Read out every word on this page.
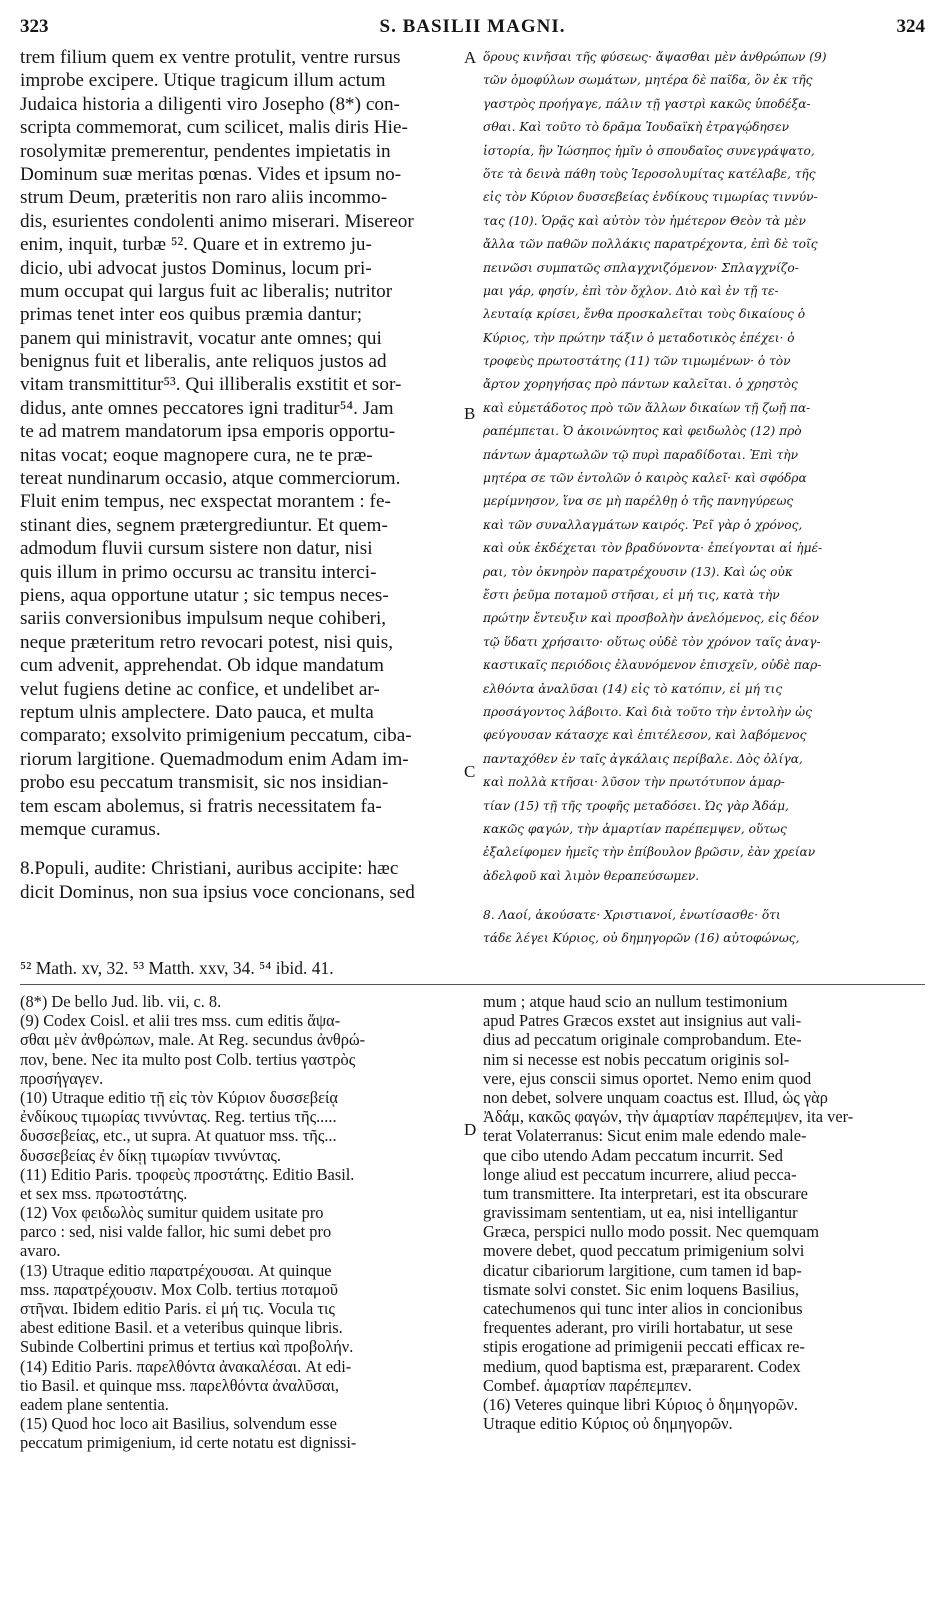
323	S. BASILII MAGNI.	324
A
B
C
D
trem filium quem ex ventre protulit, ventre rursus
improbe excipere. Utique tragicum illum actum
Judaica historia a diligenti viro Josepho (8*) con-
scripta commemorat, cum scilicet, malis diris Hie-
rosolymitæ premerentur, pendentes impietatis in
Dominum suæ meritas pœnas. Vides et ipsum no-
strum Deum, præteritis non raro aliis incommo-
dis, esurientes condolenti animo miserari. Misereor
enim, inquit, turbæ ⁵². Quare et in extremo ju-
dicio, ubi advocat justos Dominus, locum pri-
mum occupat qui largus fuit ac liberalis; nutritor
primas tenet inter eos quibus præmia dantur;
panem qui ministravit, vocatur ante omnes; qui
benignus fuit et liberalis, ante reliquos justos ad
vitam transmittitur⁵³. Qui illiberalis exstitit et sor-
didus, ante omnes peccatores igni traditur⁵⁴. Jam
te ad matrem mandatorum ipsa emporis opportu-
nitas vocat; eoque magnopere cura, ne te præ-
tereat nundinarum occasio, atque commerciorum.
Fluit enim tempus, nec exspectat morantem : fe-
stinant dies, segnem prætergrediuntur. Et quem-
admodum fluvii cursum sistere non datur, nisi
quis illum in primo occursu ac transitu interci-
piens, aqua opportune utatur ; sic tempus neces-
sariis conversionibus impulsum neque cohiberi,
neque præteritum retro revocari potest, nisi quis,
cum advenit, apprehendat. Ob idque mandatum
velut fugiens detine ac confice, et undelibet ar-
reptum ulnis amplectere. Dato pauca, et multa
comparato; exsolvito primigenium peccatum, ciba-
riorum largitione. Quemadmodum enim Adam im-
probo esu peccatum transmisit, sic nos insidian-
tem escam abolemus, si fratris necessitatem fa-
memque curamus.
8.Populi, audite: Christiani, auribus accipite: hæc
dicit Dominus, non sua ipsius voce concionans, sed
ὅρους κινῆσαι τῆς φύσεως· ἄψασθαι μὲν ἀνθρώπων (9)
τῶν ὁμοφύλων σωμάτων, μητέρα δὲ παῖδα, ὃν ἐκ τῆς
γαστρὸς προήγαγε, πάλιν τῇ γαστρὶ κακῶς ὑποδέξα-
σθαι. Καὶ τοῦτο τὸ δρᾶμα Ἰουδαϊκὴ ἐτραγῴδησεν
ἱστορία, ἣν Ἰώσηπος ἡμῖν ὁ σπουδαῖος συνεγράψατο,
ὅτε τὰ δεινὰ πάθη τοὺς Ἱεροσολυμίτας κατέλαβε, τῆς
εἰς τὸν Κύριον δυσσεβείας ἐνδίκους τιμωρίας τιννύν-
τας (10). Ὁρᾷς καὶ αὐτὸν τὸν ἡμέτερον Θεὸν τὰ μὲν
ἄλλα τῶν παθῶν πολλάκις παρατρέχοντα, ἐπὶ δὲ τοῖς
πεινῶσι συμπατῶς σπλαγχνιζόμενον· Σπλαγχνίζο-
μαι γάρ, φησίν, ἐπὶ τὸν ὄχλον. Διὸ καὶ ἐν τῇ τε-
λευταίᾳ κρίσει, ἔνθα προσκαλεῖται τοὺς δικαίους ὁ
Κύριος, τὴν πρώτην τάξιν ὁ μεταδοτικὸς ἐπέχει· ὁ
τροφεὺς πρωτοστάτης (11) τῶν τιμωμένων· ὁ τὸν
ἄρτον χορηγήσας πρὸ πάντων καλεῖται. ὁ χρηστὸς
καὶ εὐμετάδοτος πρὸ τῶν ἄλλων δικαίων τῇ ζωῇ πα-
ραπέμπεται. Ὁ ἀκοινώνητος καὶ φειδωλὸς (12) πρὸ
πάντων ἁμαρτωλῶν τῷ πυρὶ παραδίδοται. Ἐπὶ τὴν
μητέρα σε τῶν ἐντολῶν ὁ καιρὸς καλεῖ· καὶ σφόδρα
μερίμνησον, ἵνα σε μὴ παρέλθῃ ὁ τῆς πανηγύρεως
καὶ τῶν συναλλαγμάτων καιρός. Ῥεῖ γὰρ ὁ χρόνος,
καὶ οὐκ ἐκδέχεται τὸν βραδύνοντα· ἐπείγονται αἱ ἡμέ-
ραι, τὸν ὀκνηρὸν παρατρέχουσιν (13). Καὶ ὡς οὐκ
ἔστι ῥεῦμα ποταμοῦ στῆσαι, εἰ μή τις, κατὰ τὴν
πρώτην ἔντευξιν καὶ προσβολὴν ἀνελόμενος, εἰς δέον
τῷ ὕδατι χρήσαιτο· οὕτως οὐδὲ τὸν χρόνον ταῖς ἀναγ-
καστικαῖς περιόδοις ἐλαυνόμενον ἐπισχεῖν, οὐδὲ παρ-
ελθόντα ἀναλῦσαι (14) εἰς τὸ κατόπιν, εἰ μή τις
προσάγοντος λάβοιτο. Καὶ διὰ τοῦτο τὴν ἐντολὴν ὡς
φεύγουσαν κάτασχε καὶ ἐπιτέλεσον, καὶ λαβόμενος
πανταχόθεν ἐν ταῖς ἀγκάλαις περίβαλε. Δὸς ὀλίγα,
καὶ πολλὰ κτῆσαι· λῦσον τὴν πρωτότυπον ἁμαρ-
τίαν (15) τῇ τῆς τροφῆς μεταδόσει. Ὡς γὰρ Ἀδάμ,
κακῶς φαγών, τὴν ἁμαρτίαν παρέπεμψεν, οὕτως
ἐξαλείφομεν ἡμεῖς τὴν ἐπίβουλον βρῶσιν, ἐὰν χρείαν
ἀδελφοῦ καὶ λιμὸν θεραπεύσωμεν.
8. Λαοί, ἀκούσατε· Χριστιανοί, ἐνωτίσασθε· ὅτι
τάδε λέγει Κύριος, οὐ δημηγορῶν (16) αὐτοφώνως,
⁵² Math. xv, 32. ⁵³ Matth. xxv, 34. ⁵⁴ ibid. 41.
(8*) De bello Jud. lib. vii, c. 8.
(9) Codex Coisl. et alii tres mss. cum editis ἄψα-
σθαι μὲν ἀνθρώπων, male. At Reg. secundus ἀνθρώ-
πον, bene. Nec ita multo post Colb. tertius γαστρὸς
προσήγαγεν.
(10) Utraque editio τῇ εἰς τὸν Κύριον δυσσεβείᾳ
ἐνδίκους τιμωρίας τιννύντας. Reg. tertius τῆς.....
δυσσεβείας, etc., ut supra. At quatuor mss. τῆς...
δυσσεβείας ἐν δίκῃ τιμωρίαν τιννύντας.
(11) Editio Paris. τροφεὺς προστάτης. Editio Basil.
et sex mss. πρωτοστάτης.
(12) Vox φειδωλὸς sumitur quidem usitate pro
parco : sed, nisi valde fallor, hic sumi debet pro
avaro.
(13) Utraque editio παρατρέχουσαι. At quinque
mss. παρατρέχουσιν. Mox Colb. tertius ποταμοῦ
στῆναι. Ibidem editio Paris. εἰ μή τις. Vocula τις
abest editione Basil. et a veteribus quinque libris.
Subinde Colbertini primus et tertius καὶ προβολήν.
(14) Editio Paris. παρελθόντα ἀνακαλέσαι. At edi-
tio Basil. et quinque mss. παρελθόντα ἀναλῦσαι,
eadem plane sententia.
(15) Quod hoc loco ait Basilius, solvendum esse
peccatum primigenium, id certe notatu est dignissi-
mum ; atque haud scio an nullum testimonium
apud Patres Græcos exstet aut insignius aut vali-
dius ad peccatum originale comprobandum. Ete-
nim si necesse est nobis peccatum originis sol-
vere, ejus conscii simus oportet. Nemo enim quod
non debet, solvere unquam coactus est. Illud, ὡς γὰρ
Ἀδάμ, κακῶς φαγών, τὴν ἁμαρτίαν παρέπεμψεν, ita ver-
terat Volaterranus: Sicut enim male edendo male-
que cibo utendo Adam peccatum incurrit. Sed
longe aliud est peccatum incurrere, aliud pecca-
tum transmittere. Ita interpretari, est ita obscurare
gravissimam sententiam, ut ea, nisi intelligantur
Græca, perspici nullo modo possit. Nec quemquam
movere debet, quod peccatum primigenium solvi
dicatur cibariorum largitione, cum tamen id bap-
tismate solvi constet. Sic enim loquens Basilius,
catechumenos qui tunc inter alios in concionibus
frequentes aderant, pro virili hortabatur, ut sese
stipis erogatione ad primigenii peccati efficax re-
medium, quod baptisma est, præpararent. Codex
Combef. ἁμαρτίαν παρέπεμπεν.
(16) Veteres quinque libri Κύριος ὁ δημηγορῶν.
Utraque editio Κύριος οὐ δημηγορῶν.
